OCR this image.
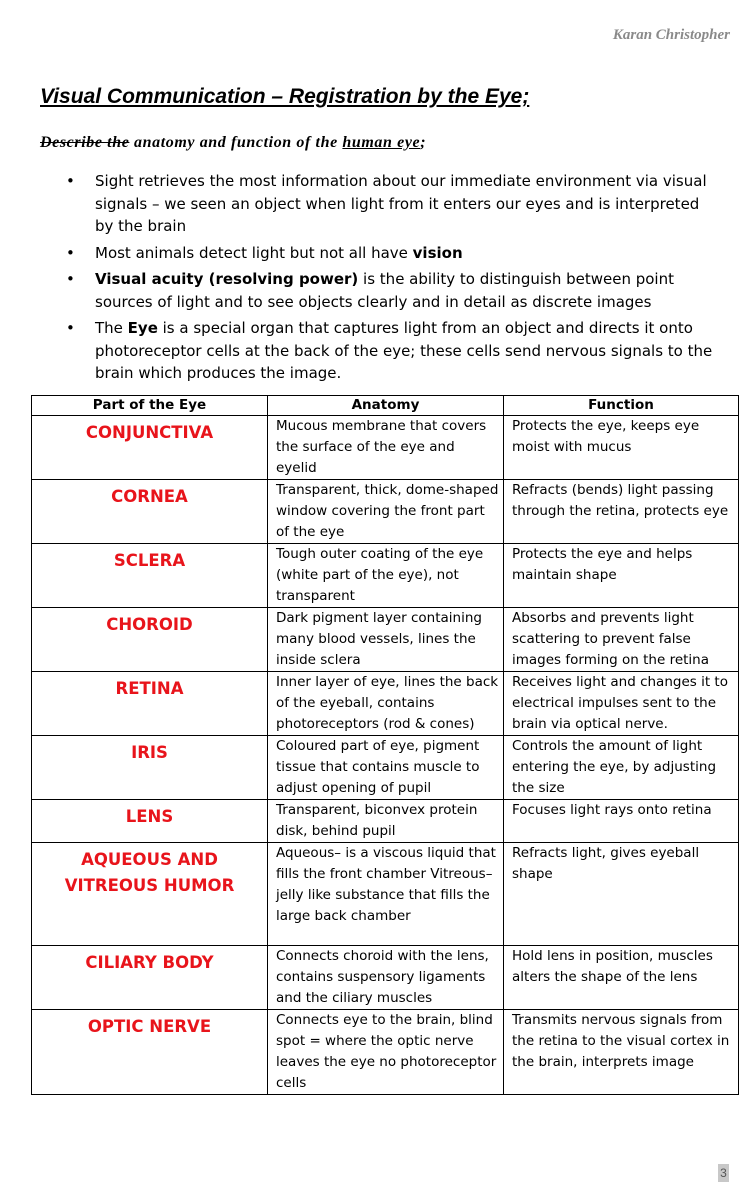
Karan Christopher
Visual Communication – Registration by the Eye;
Describe the anatomy and function of the human eye;
• Sight retrieves the most information about our immediate environment via visual signals – we seen an object when light from it enters our eyes and is interpreted by the brain
• Most animals detect light but not all have vision
• Visual acuity (resolving power) is the ability to distinguish between point sources of light and to see objects clearly and in detail as discrete images
• The Eye is a special organ that captures light from an object and directs it onto photoreceptor cells at the back of the eye; these cells send nervous signals to the brain which produces the image.
Part of the Eye	Anatomy	Function
CONJUNCTIVA	Mucous membrane that covers the surface of the eye and eyelid	Protects the eye, keeps eye moist with mucus
CORNEA	Transparent, thick, dome-shaped window covering the front part of the eye	Refracts (bends) light passing through the retina, protects eye
SCLERA	Tough outer coating of the eye (white part of the eye), not transparent	Protects the eye and helps maintain shape
CHOROID	Dark pigment layer containing many blood vessels, lines the inside sclera	Absorbs and prevents light scattering to prevent false images forming on the retina
RETINA	Inner layer of eye, lines the back of the eyeball, contains photoreceptors (rod & cones)	Receives light and changes it to electrical impulses sent to the brain via optical nerve.
IRIS	Coloured part of eye, pigment tissue that contains muscle to adjust opening of pupil	Controls the amount of light entering the eye, by adjusting the size
LENS	Transparent, biconvex protein disk, behind pupil	Focuses light rays onto retina
AQUEOUS AND VITREOUS HUMOR	Aqueous– is a viscous liquid that fills the front chamber Vitreous– jelly like substance that fills the large back chamber	Refracts light, gives eyeball shape
CILIARY BODY	Connects choroid with the lens, contains suspensory ligaments and the ciliary muscles	Hold lens in position, muscles alters the shape of the lens
OPTIC NERVE	Connects eye to the brain, blind spot = where the optic nerve leaves the eye no photoreceptor cells	Transmits nervous signals from the retina to the visual cortex in the brain, interprets image
3
